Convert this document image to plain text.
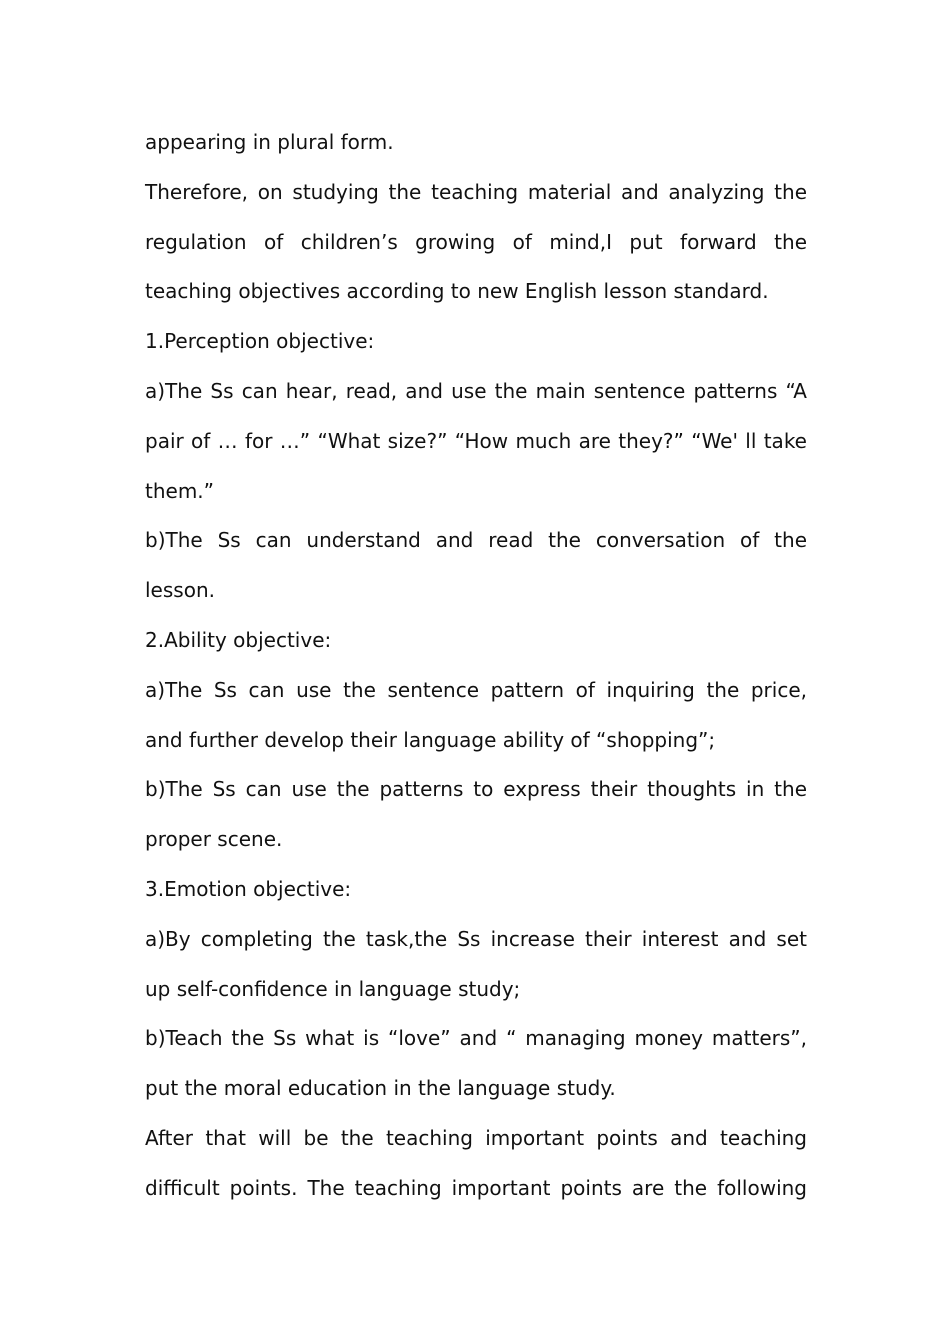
appearing in plural form.
Therefore, on studying the teaching material and analyzing the
regulation of children’s growing of mind,I put forward the
teaching objectives according to new English lesson standard.
1.Perception objective:
a)The Ss can hear, read, and use the main sentence patterns “A
pair of … for …” “What size?” “How much are they?” “We' ll take
them.”
b)The Ss can understand and read the conversation of the
lesson.
2.Ability objective:
a)The Ss can use the sentence pattern of inquiring the price,
and further develop their language ability of “shopping”;
b)The Ss can use the patterns to express their thoughts in the
proper scene.
3.Emotion objective:
a)By completing the task,the Ss increase their interest and set
up self-confidence in language study;
b)Teach the Ss what is “love” and “ managing money matters”,
put the moral education in the language study.
After that will be the teaching important points and teaching
difficult points. The teaching important points are the following
